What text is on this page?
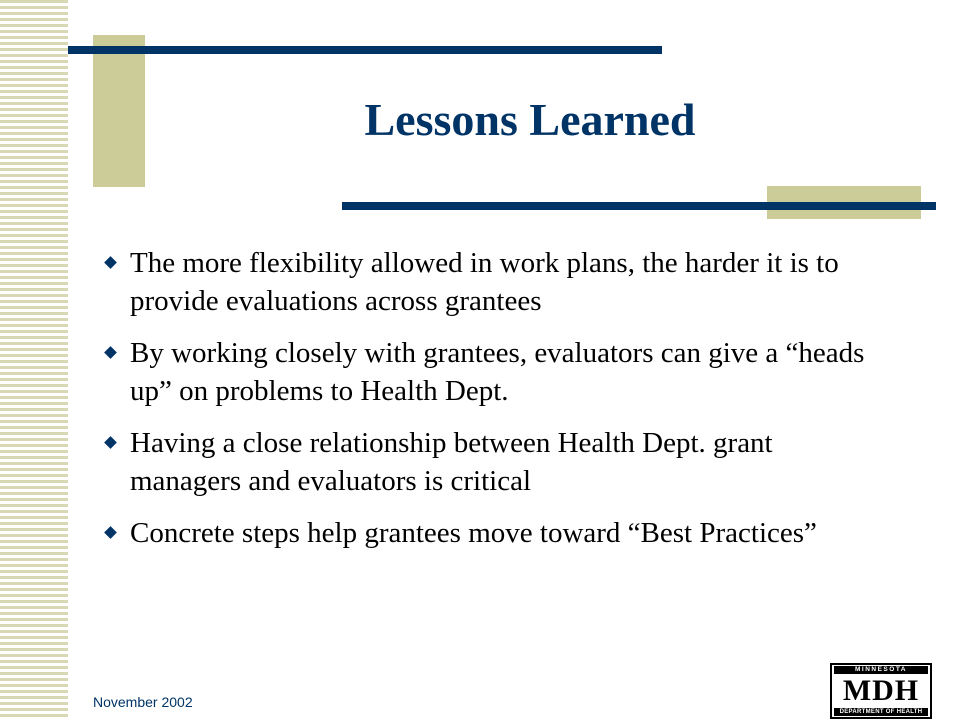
Lessons Learned
The more flexibility allowed in work plans, the harder it is to provide evaluations across grantees
By working closely with grantees, evaluators can give a “heads up” on problems to Health Dept.
Having a close relationship between Health Dept. grant managers and evaluators is critical
Concrete steps help grantees move toward “Best Practices”
November 2002
MINNESOTA
MDH
DEPARTMENT OF HEALTH
